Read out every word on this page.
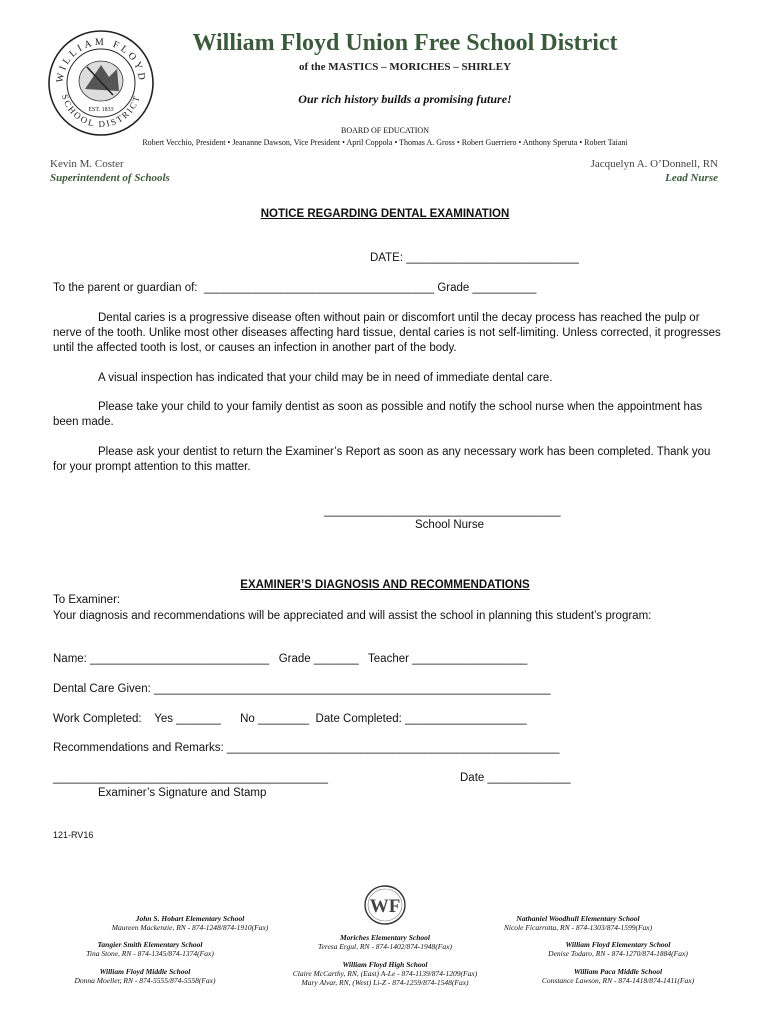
WILLIAM FLOYD
SCHOOL DISTRICT
EST. 1833
William Floyd Union Free School District
of the MASTICS – MORICHES – SHIRLEY
Our rich history builds a promising future!
BOARD OF EDUCATION
Robert Vecchio, President • Jeananne Dawson, Vice President • April Coppola • Thomas A. Gross • Robert Guerriero • Anthony Speruta • Robert Taiani
Kevin M. Coster
Superintendent of Schools
Jacquelyn A. O’Donnell, RN
Lead Nurse
NOTICE REGARDING DENTAL EXAMINATION
DATE: ___________________________
To the parent or guardian of:  ____________________________________ Grade __________
Dental caries is a progressive disease often without pain or discomfort until the decay process has reached the pulp or nerve of the tooth. Unlike most other diseases affecting hard tissue, dental caries is not self-limiting. Unless corrected, it progresses until the affected tooth is lost, or causes an infection in another part of the body.
A visual inspection has indicated that your child may be in need of immediate dental care.
Please take your child to your family dentist as soon as possible and notify the school nurse when the appointment has been made.
Please ask your dentist to return the Examiner’s Report as soon as any necessary work has been completed. Thank you for your prompt attention to this matter.
_____________________________________
School Nurse
EXAMINER’S DIAGNOSIS AND RECOMMENDATIONS
To Examiner:
Your diagnosis and recommendations will be appreciated and will assist the school in planning this student’s program:
Name: ____________________________   Grade _______   Teacher __________________
Dental Care Given: ______________________________________________________________
Work Completed:    Yes _______      No ________  Date Completed: ___________________
Recommendations and Remarks: ____________________________________________________
___________________________________________	Date _____________
Examiner’s Signature and Stamp
121-RV16
WF
John S. Hobart Elementary School
Maureen Mackenzie, RN - 874-1248/874-1910(Fax)
Tangier Smith Elementary School
Tina Stone, RN - 874-1345/874-1374(Fax)
William Floyd Middle School
Donna Moeller, RN - 874-5555/874-5558(Fax)
Moriches Elementary School
Teresa Ergul, RN - 874-1402/874-1948(Fax)
William Floyd High School
Claire McCarthy, RN, (East) A-Le - 874-1139/874-1209(Fax)
Mary Alvar, RN, (West) Li-Z - 874-1259/874-1548(Fax)
Nathaniel Woodhull Elementary School
Nicole Ficarrotta, RN - 874-1303/874-1599(Fax)
William Floyd Elementary School
Denise Todaro, RN - 874-1270/874-1884(Fax)
William Paca Middle School
Constance Lawson, RN - 874-1418/874-1411(Fax)
